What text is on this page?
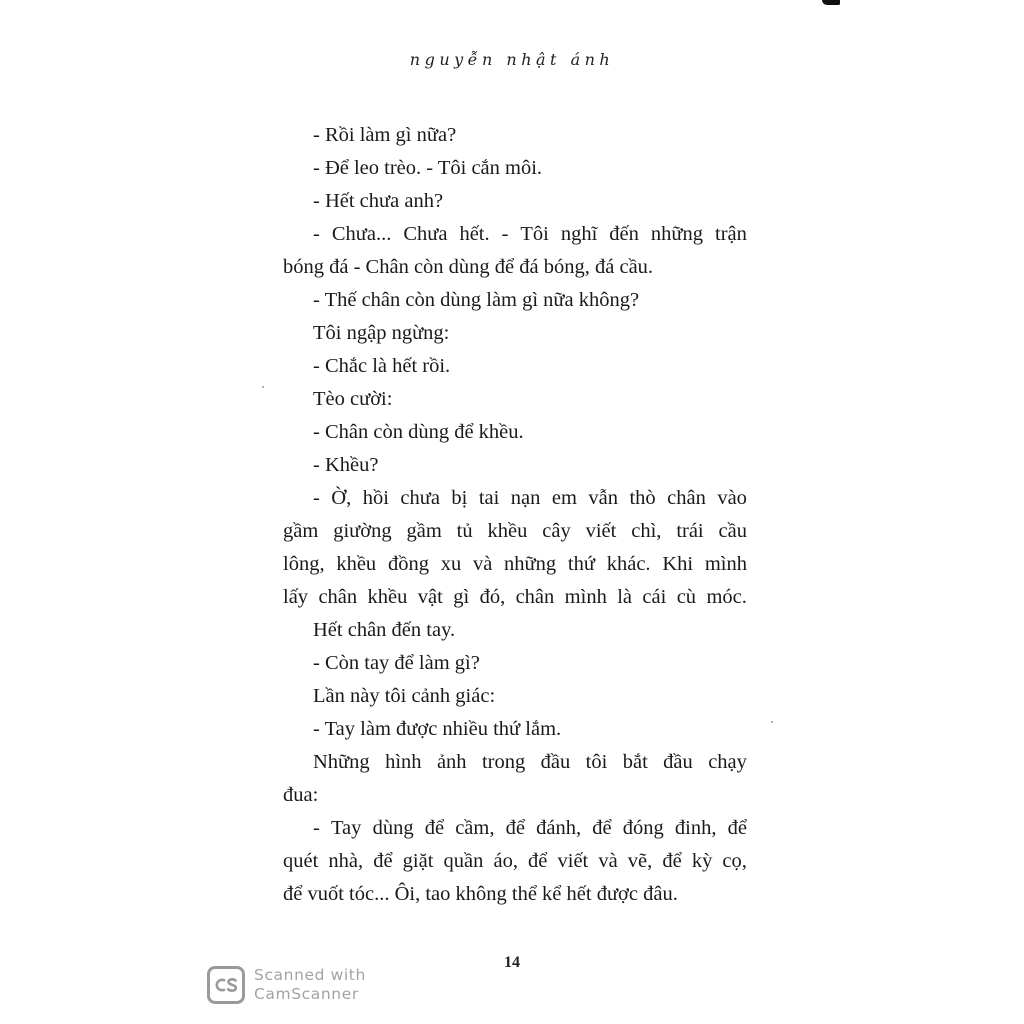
nguyễn nhật ánh
- Rồi làm gì nữa?
- Để leo trèo. - Tôi cắn môi.
- Hết chưa anh?
- Chưa... Chưa hết. - Tôi nghĩ đến những trận
bóng đá - Chân còn dùng để đá bóng, đá cầu.
- Thế chân còn dùng làm gì nữa không?
Tôi ngập ngừng:
- Chắc là hết rồi.
Tèo cười:
- Chân còn dùng để khều.
- Khều?
- Ờ, hồi chưa bị tai nạn em vẫn thò chân vào
gầm giường gầm tủ khều cây viết chì, trái cầu
lông, khều đồng xu và những thứ khác. Khi mình
lấy chân khều vật gì đó, chân mình là cái cù móc.
Hết chân đến tay.
- Còn tay để làm gì?
Lần này tôi cảnh giác:
- Tay làm được nhiều thứ lắm.
Những hình ảnh trong đầu tôi bắt đầu chạy
đua:
- Tay dùng để cầm, để đánh, để đóng đinh, để
quét nhà, để giặt quần áo, để viết và vẽ, để kỳ cọ,
để vuốt tóc... Ôi, tao không thể kể hết được đâu.
14
Scanned with
CamScanner
